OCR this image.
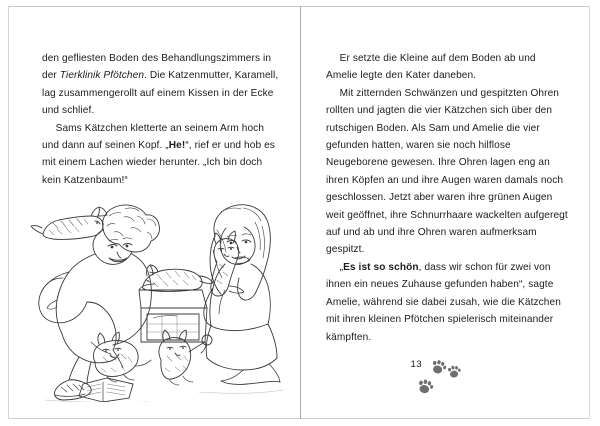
den gefliesten Boden des Behandlungszimmers in der Tierklinik Pfötchen. Die Katzenmutter, Karamell, lag zusammengerollt auf einem Kissen in der Ecke und schlief.

Sams Kätzchen kletterte an seinem Arm hoch und dann auf seinen Kopf. „He!“, rief er und hob es mit einem Lachen wieder herunter. „Ich bin doch kein Katzenbaum!“

Er setzte die Kleine auf dem Boden ab und Amelie legte den Kater daneben.

Mit zitternden Schwänzen und gespitzten Ohren rollten und jagten die vier Kätzchen sich über den rutschigen Boden. Als Sam und Amelie die vier gefunden hatten, waren sie noch hilflose Neugeborene gewesen. Ihre Ohren lagen eng an ihren Köpfen an und ihre Augen waren damals noch geschlossen. Jetzt aber waren ihre grünen Augen weit geöffnet, ihre Schnurrhaare wackelten aufgeregt auf und ab und ihre Ohren waren aufmerksam gespitzt.

„Es ist so schön, dass wir schon für zwei von ihnen ein neues Zuhause gefunden haben“, sagte Amelie, während sie dabei zusah, wie die Kätzchen mit ihren kleinen Pfötchen spielerisch miteinander kämpften.

13
